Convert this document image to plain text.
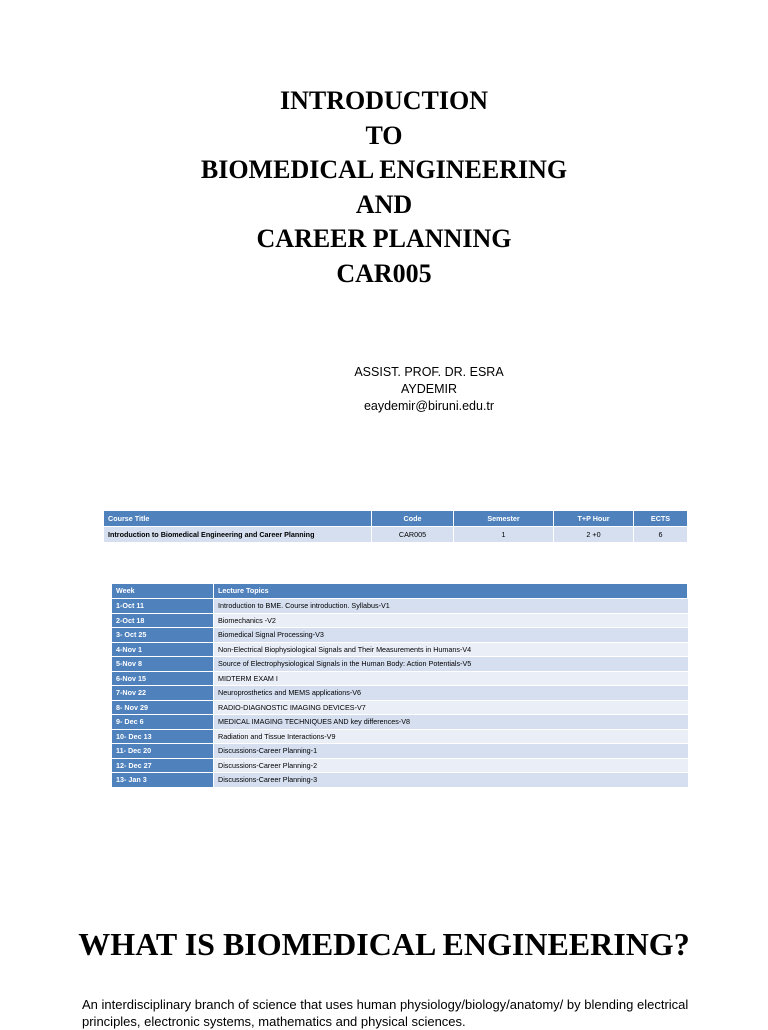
INTRODUCTION
TO
BIOMEDICAL ENGINEERING
AND
CAREER PLANNING
CAR005
ASSIST. PROF. DR. ESRA AYDEMIR
eaydemir@biruni.edu.tr
Course Title	Code	Semester	T+P Hour	ECTS
Introduction to Biomedical Engineering and Career Planning	CAR005	1	2 +0	6
Week	Lecture Topics
1-Oct 11	Introduction to BME. Course introduction. Syllabus-V1
2-Oct 18	Biomechanics -V2
3- Oct 25	Biomedical Signal Processing-V3
4-Nov 1	Non-Electrical Biophysiological Signals and Their Measurements in Humans-V4
5-Nov 8	Source of Electrophysiological Signals in the Human Body: Action Potentials-V5
6-Nov 15	MIDTERM EXAM I
7-Nov 22	Neuroprosthetics and MEMS applications-V6
8- Nov 29	RADIO-DIAGNOSTIC IMAGING DEVICES-V7
9- Dec 6	MEDICAL IMAGING TECHNIQUES AND key differences-V8
10- Dec 13	Radiation and Tissue Interactions-V9
11- Dec 20	Discussions-Career Planning-1
12- Dec 27	Discussions-Career Planning-2
13- Jan 3	Discussions-Career Planning-3
WHAT IS BIOMEDICAL ENGINEERING?
An interdisciplinary branch of science that uses human physiology/biology/anatomy/ by blending electrical principles, electronic systems, mathematics and physical sciences.
